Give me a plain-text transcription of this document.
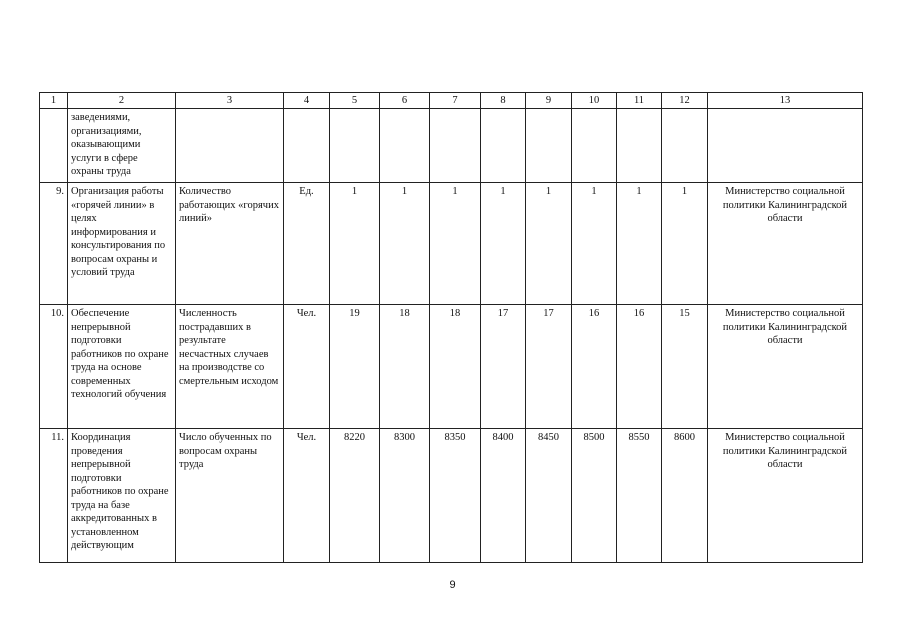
1	2	3	4	5	6	7	8	9	10	11	12	13
	заведениями, организациями, оказывающими услуги в сфере охраны труда											
9.	Организация работы «горячей линии» в целях информирования и консультирования по вопросам охраны и условий труда	Количество работающих «горячих линий»	Ед.	1	1	1	1	1	1	1	1	Министерство социальной политики Калининградской области
10.	Обеспечение непрерывной подготовки работников по охране труда на основе современных технологий обучения	Численность пострадавших в результате несчастных случаев на производстве со смертельным исходом	Чел.	19	18	18	17	17	16	16	15	Министерство социальной политики Калининградской области
11.	Координация проведения непрерывной подготовки работников по охране труда на базе аккредитованных в установленном действующим	Число обученных по вопросам охраны труда	Чел.	8220	8300	8350	8400	8450	8500	8550	8600	Министерство социальной политики Калининградской области
9
